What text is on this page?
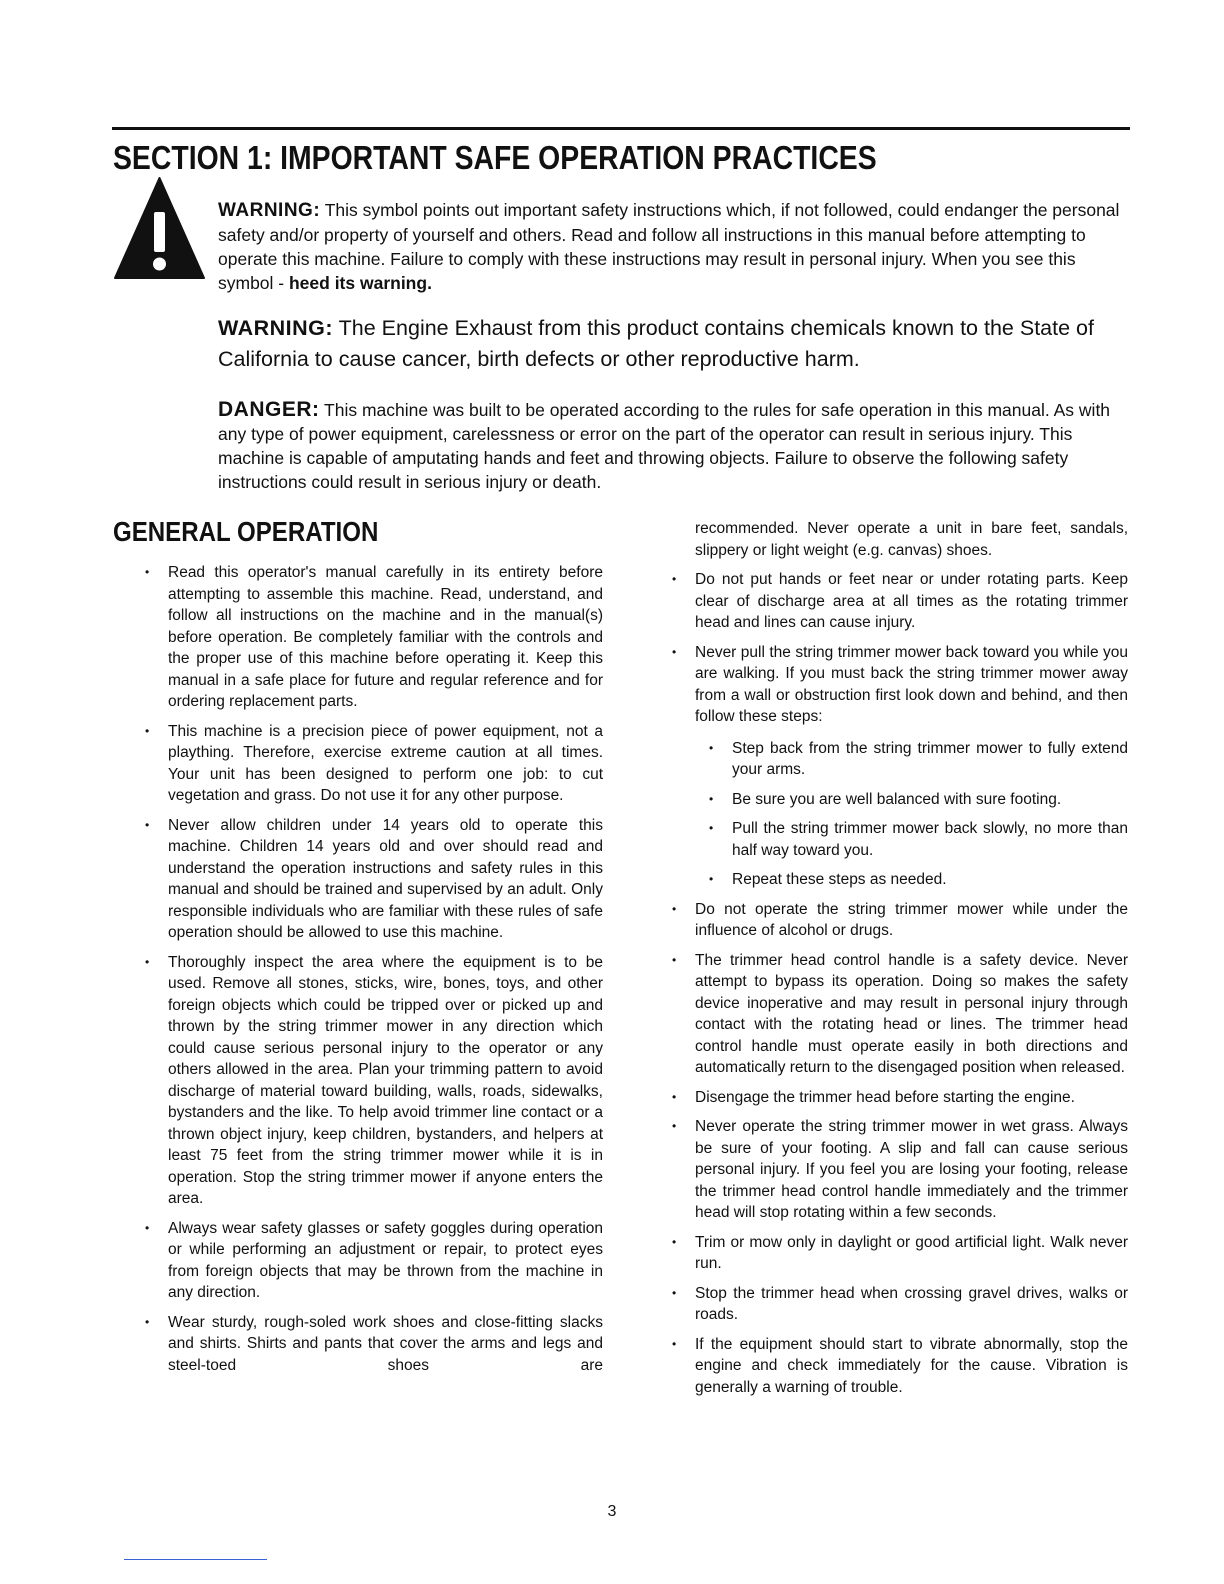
SECTION 1: IMPORTANT SAFE OPERATION PRACTICES

WARNING: This symbol points out important safety instructions which, if not followed, could endanger the personal safety and/or property of yourself and others. Read and follow all instructions in this manual before attempting to operate this machine. Failure to comply with these instructions may result in personal injury. When you see this symbol - heed its warning.

WARNING: The Engine Exhaust from this product contains chemicals known to the State of California to cause cancer, birth defects or other reproductive harm.

DANGER: This machine was built to be operated according to the rules for safe operation in this manual. As with any type of power equipment, carelessness or error on the part of the operator can result in serious injury. This machine is capable of amputating hands and feet and throwing objects. Failure to observe the following safety instructions could result in serious injury or death.

GENERAL OPERATION
• Read this operator's manual carefully in its entirety before attempting to assemble this machine. Read, understand, and follow all instructions on the machine and in the manual(s) before operation. Be completely familiar with the controls and the proper use of this machine before operating it. Keep this manual in a safe place for future and regular reference and for ordering replacement parts.
• This machine is a precision piece of power equipment, not a plaything. Therefore, exercise extreme caution at all times. Your unit has been designed to perform one job: to cut vegetation and grass. Do not use it for any other purpose.
• Never allow children under 14 years old to operate this machine. Children 14 years old and over should read and understand the operation instructions and safety rules in this manual and should be trained and supervised by an adult. Only responsible individuals who are familiar with these rules of safe operation should be allowed to use this machine.
• Thoroughly inspect the area where the equipment is to be used. Remove all stones, sticks, wire, bones, toys, and other foreign objects which could be tripped over or picked up and thrown by the string trimmer mower in any direction which could cause serious personal injury to the operator or any others allowed in the area. Plan your trimming pattern to avoid discharge of material toward building, walls, roads, sidewalks, bystanders and the like. To help avoid trimmer line contact or a thrown object injury, keep children, bystanders, and helpers at least 75 feet from the string trimmer mower while it is in operation. Stop the string trimmer mower if anyone enters the area.
• Always wear safety glasses or safety goggles during operation or while performing an adjustment or repair, to protect eyes from foreign objects that may be thrown from the machine in any direction.
• Wear sturdy, rough-soled work shoes and close-fitting slacks and shirts. Shirts and pants that cover the arms and legs and steel-toed shoes are

recommended. Never operate a unit in bare feet, sandals, slippery or light weight (e.g. canvas) shoes.

• Do not put hands or feet near or under rotating parts. Keep clear of discharge area at all times as the rotating trimmer head and lines can cause injury.
• Never pull the string trimmer mower back toward you while you are walking. If you must back the string trimmer mower away from a wall or obstruction first look down and behind, and then follow these steps:
• Step back from the string trimmer mower to fully extend your arms.
• Be sure you are well balanced with sure footing.
• Pull the string trimmer mower back slowly, no more than half way toward you.
• Repeat these steps as needed.
• Do not operate the string trimmer mower while under the influence of alcohol or drugs.
• The trimmer head control handle is a safety device. Never attempt to bypass its operation. Doing so makes the safety device inoperative and may result in personal injury through contact with the rotating head or lines. The trimmer head control handle must operate easily in both directions and automatically return to the disengaged position when released.
• Disengage the trimmer head before starting the engine.
• Never operate the string trimmer mower in wet grass. Always be sure of your footing. A slip and fall can cause serious personal injury. If you feel you are losing your footing, release the trimmer head control handle immediately and the trimmer head will stop rotating within a few seconds.
• Trim or mow only in daylight or good artificial light. Walk never run.
• Stop the trimmer head when crossing gravel drives, walks or roads.
• If the equipment should start to vibrate abnormally, stop the engine and check immediately for the cause. Vibration is generally a warning of trouble.
3
